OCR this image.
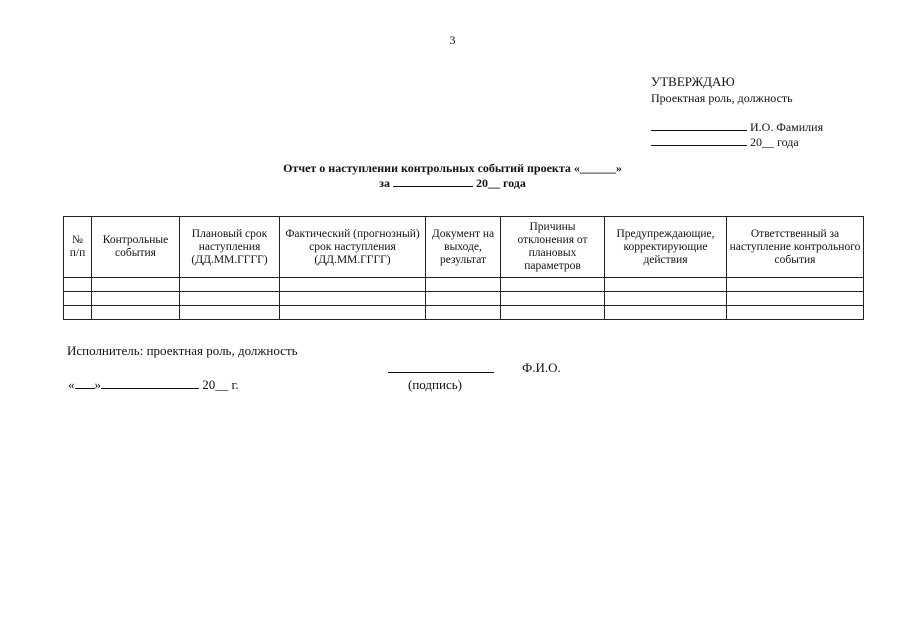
3
УТВЕРЖДАЮ
Проектная роль, должность
И.О. Фамилия
20__ года
Отчет о наступлении контрольных событий проекта «______»
за	20__ года
№ п/п	Контрольные события	Плановый срок наступления (ДД.ММ.ГГГГ)	Фактический (прогнозный) срок наступления (ДД.ММ.ГГГГ)	Документ на выходе, результат	Причины отклонения от плановых параметров	Предупреждающие, корректирующие действия	Ответственный за наступление контрольного события

Исполнитель: проектная роль, должность
Ф.И.О.
(подпись)
« »	20__ г.
